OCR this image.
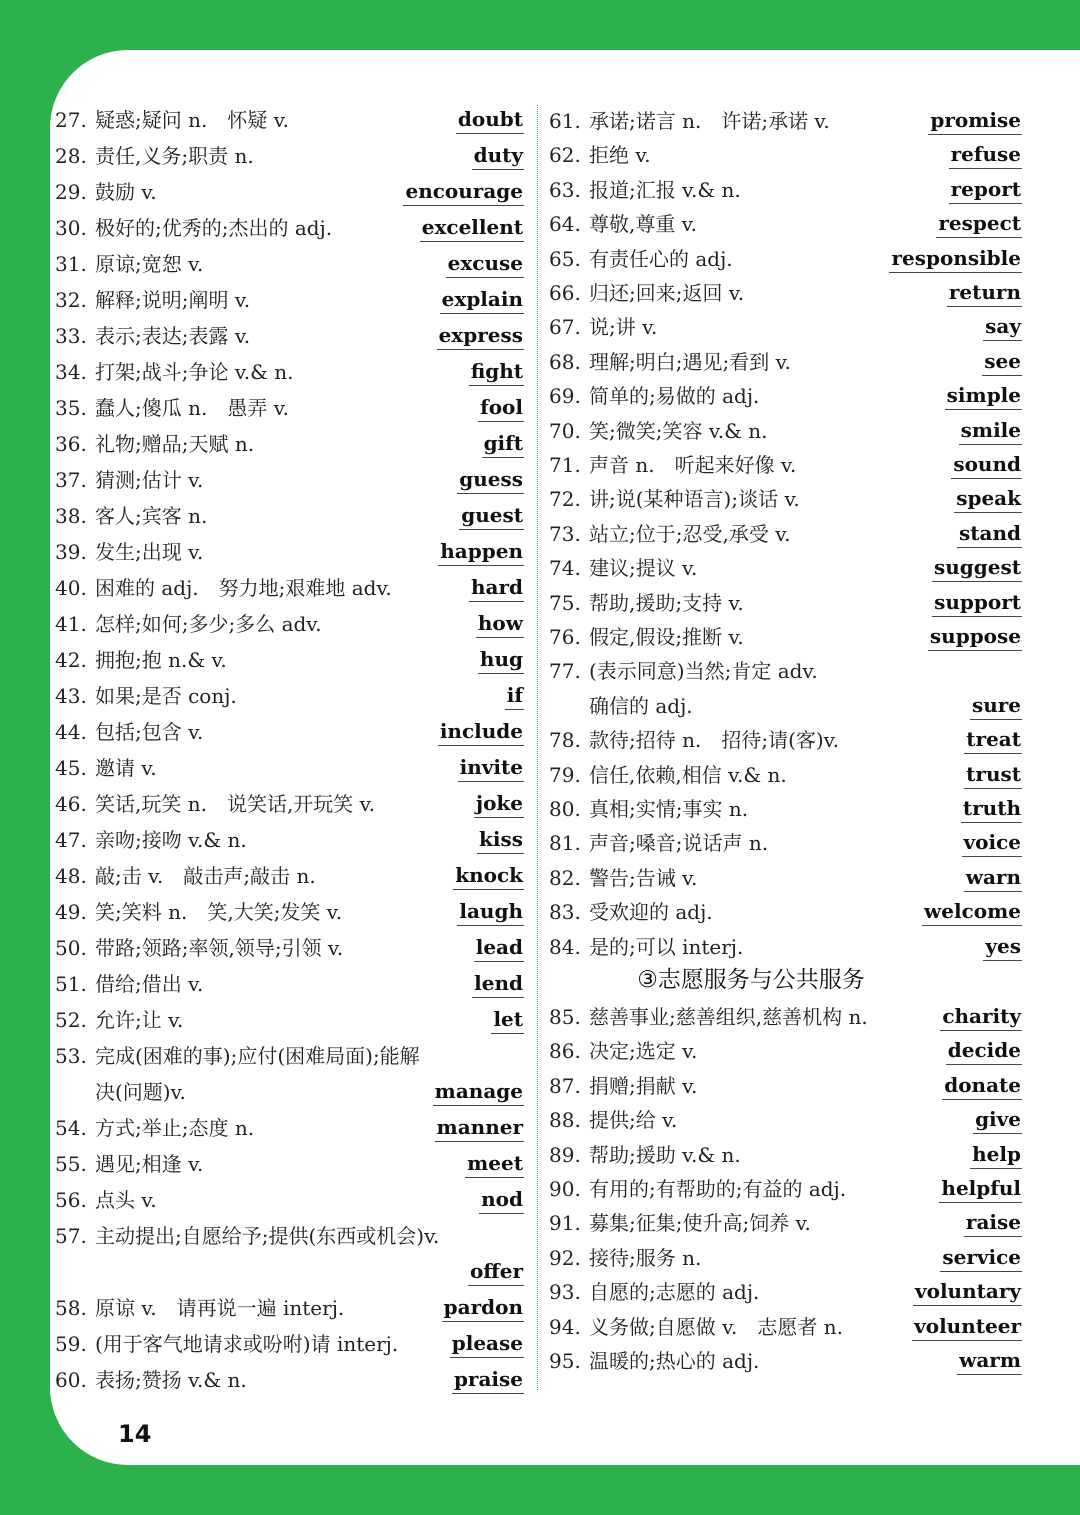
27. 疑惑;疑问 n.　怀疑 v.	doubt
28. 责任,义务;职责 n.	duty
29. 鼓励 v.	encourage
30. 极好的;优秀的;杰出的 adj.	excellent
31. 原谅;宽恕 v.	excuse
32. 解释;说明;阐明 v.	explain
33. 表示;表达;表露 v.	express
34. 打架;战斗;争论 v.& n.	fight
35. 蠢人;傻瓜 n.　愚弄 v.	fool
36. 礼物;赠品;天赋 n.	gift
37. 猜测;估计 v.	guess
38. 客人;宾客 n.	guest
39. 发生;出现 v.	happen
40. 困难的 adj.　努力地;艰难地 adv.	hard
41. 怎样;如何;多少;多么 adv.	how
42. 拥抱;抱 n.& v.	hug
43. 如果;是否 conj.	if
44. 包括;包含 v.	include
45. 邀请 v.	invite
46. 笑话,玩笑 n.　说笑话,开玩笑 v.	joke
47. 亲吻;接吻 v.& n.	kiss
48. 敲;击 v.　敲击声;敲击 n.	knock
49. 笑;笑料 n.　笑,大笑;发笑 v.	laugh
50. 带路;领路;率领,领导;引领 v.	lead
51. 借给;借出 v.	lend
52. 允许;让 v.	let
53. 完成(困难的事);应付(困难局面);能解
决(问题)v.	manage
54. 方式;举止;态度 n.	manner
55. 遇见;相逢 v.	meet
56. 点头 v.	nod
57. 主动提出;自愿给予;提供(东西或机会)v.
offer
58. 原谅 v.　请再说一遍 interj.	pardon
59. (用于客气地请求或吩咐)请 interj.	please
60. 表扬;赞扬 v.& n.	praise
61. 承诺;诺言 n.　许诺;承诺 v.	promise
62. 拒绝 v.	refuse
63. 报道;汇报 v.& n.	report
64. 尊敬,尊重 v.	respect
65. 有责任心的 adj.	responsible
66. 归还;回来;返回 v.	return
67. 说;讲 v.	say
68. 理解;明白;遇见;看到 v.	see
69. 简单的;易做的 adj.	simple
70. 笑;微笑;笑容 v.& n.	smile
71. 声音 n.　听起来好像 v.	sound
72. 讲;说(某种语言);谈话 v.	speak
73. 站立;位于;忍受,承受 v.	stand
74. 建议;提议 v.	suggest
75. 帮助,援助;支持 v.	support
76. 假定,假设;推断 v.	suppose
77. (表示同意)当然;肯定 adv.
确信的 adj.	sure
78. 款待;招待 n.　招待;请(客)v.	treat
79. 信任,依赖,相信 v.& n.	trust
80. 真相;实情;事实 n.	truth
81. 声音;嗓音;说话声 n.	voice
82. 警告;告诫 v.	warn
83. 受欢迎的 adj.	welcome
84. 是的;可以 interj.	yes
85. 慈善事业;慈善组织,慈善机构 n.	charity
86. 决定;选定 v.	decide
87. 捐赠;捐献 v.	donate
88. 提供;给 v.	give
89. 帮助;援助 v.& n.	help
90. 有用的;有帮助的;有益的 adj.	helpful
91. 募集;征集;使升高;饲养 v.	raise
92. 接待;服务 n.	service
93. 自愿的;志愿的 adj.	voluntary
94. 义务做;自愿做 v.　志愿者 n.	volunteer
95. 温暖的;热心的 adj.	warm
③志愿服务与公共服务
14
